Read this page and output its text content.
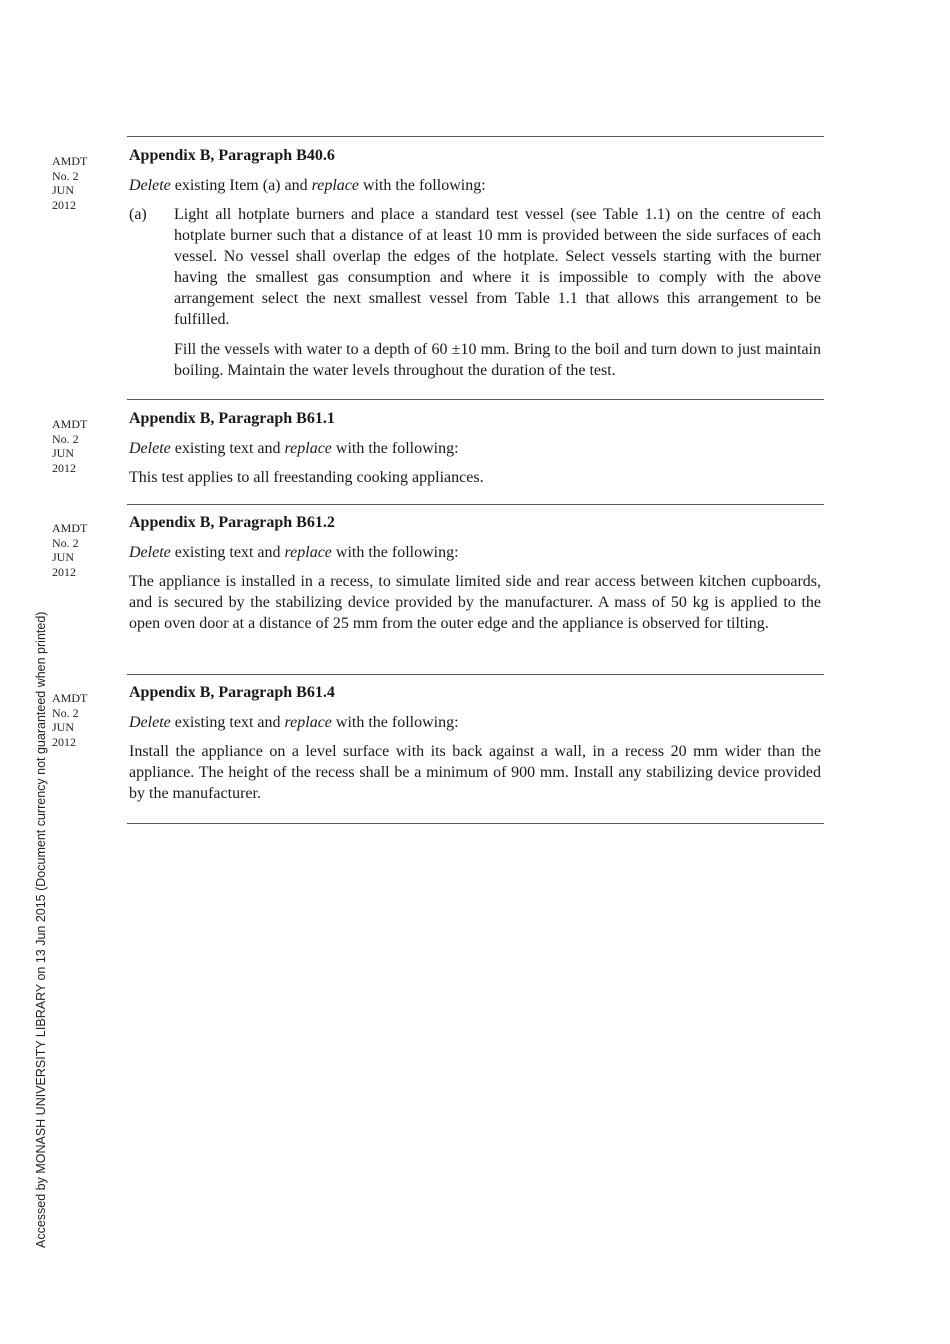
Accessed by MONASH UNIVERSITY LIBRARY on 13 Jun 2015 (Document currency not guaranteed when printed)
AMDT
No. 2
JUN
2012
AMDT
No. 2
JUN
2012
AMDT
No. 2
JUN
2012
AMDT
No. 2
JUN
2012
Appendix B, Paragraph B40.6
Delete existing Item (a) and replace with the following:
(a)	Light all hotplate burners and place a standard test vessel (see Table 1.1) on the centre of each hotplate burner such that a distance of at least 10 mm is provided between the side surfaces of each vessel. No vessel shall overlap the edges of the hotplate. Select vessels starting with the burner having the smallest gas consumption and where it is impossible to comply with the above arrangement select the next smallest vessel from Table 1.1 that allows this arrangement to be fulfilled.
Fill the vessels with water to a depth of 60 ±10 mm. Bring to the boil and turn down to just maintain boiling. Maintain the water levels throughout the duration of the test.
Appendix B, Paragraph B61.1
Delete existing text and replace with the following:
This test applies to all freestanding cooking appliances.
Appendix B, Paragraph B61.2
Delete existing text and replace with the following:
The appliance is installed in a recess, to simulate limited side and rear access between kitchen cupboards, and is secured by the stabilizing device provided by the manufacturer. A mass of 50 kg is applied to the open oven door at a distance of 25 mm from the outer edge and the appliance is observed for tilting.
Appendix B, Paragraph B61.4
Delete existing text and replace with the following:
Install the appliance on a level surface with its back against a wall, in a recess 20 mm wider than the appliance. The height of the recess shall be a minimum of 900 mm. Install any stabilizing device provided by the manufacturer.
